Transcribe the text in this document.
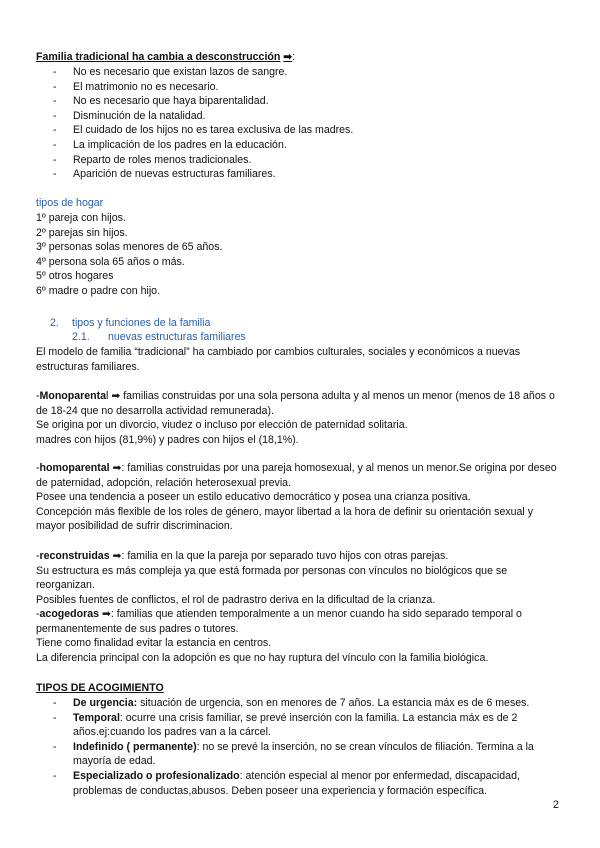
Familia tradicional ha cambia a desconstrucción ➡:
- No es necesario que existan lazos de sangre.
- El matrimonio no es necesario.
- No es necesario que haya biparentalidad.
- Disminución de la natalidad.
- El cuidado de los hijos no es tarea exclusiva de las madres.
- La implicación de los padres en la educación.
- Reparto de roles menos tradicionales.
- Aparición de nuevas estructuras familiares.
tipos de hogar
1º pareja con hijos.
2º parejas sin hijos.
3º personas solas menores de 65 años.
4º persona sola 65 años o más.
5º otros hogares
6º madre o padre con hijo.
2. tipos y funciones de la familia
2.1. nuevas estructuras familiares

El modelo de familia “tradicional” ha cambiado por cambios culturales, sociales y económicos a nuevas estructuras familiares.

-Monoparental ➡ familias construidas por una sola persona adulta y al menos un menor (menos de 18 años o de 18-24 que no desarrolla actividad remunerada).

Se origina por un divorcio, viudez o incluso por elección de paternidad solitaria.

madres con hijos (81,9%) y padres con hijos el (18,1%).

-homoparental ➡: familias construidas por una pareja homosexual, y al menos un menor.Se origina por deseo de paternidad, adopción, relación heterosexual previa.

Posee una tendencia a poseer un estilo educativo democrático y posea una crianza positiva.

Concepción más flexible de los roles de género, mayor libertad a la hora de definir su orientación sexual y mayor posibilidad de sufrir discriminacion.

-reconstruidas ➡: familia en la que la pareja por separado tuvo hijos con otras parejas.

Su estructura es más compleja ya que está formada por personas con vínculos no biológicos que se reorganizan.

Posibles fuentes de conflictos, el rol de padrastro deriva en la dificultad de la crianza.

-acogedoras ➡: familias que atienden temporalmente a un menor cuando ha sido separado temporal o permanentemente de sus padres o tutores.

Tiene como finalidad evitar la estancia en centros.

La diferencia principal con la adopción es que no hay ruptura del vínculo con la familia biológica.

TIPOS DE ACOGIMIENTO
- De urgencia: situación de urgencia, son en menores de 7 años. La estancia máx es de 6 meses.
- Temporal: ocurre una crisis familiar, se prevé inserción con la familia. La estancia máx es de 2 años.ej:cuando los padres van a la cárcel.
- Indefinido ( permanente): no se prevé la inserción, no se crean vínculos de filiación. Termina a la mayoría de edad.
- Especializado o profesionalizado: atención especial al menor por enfermedad, discapacidad, problemas de conductas,abusos. Deben poseer una experiencia y formación específica.
2
